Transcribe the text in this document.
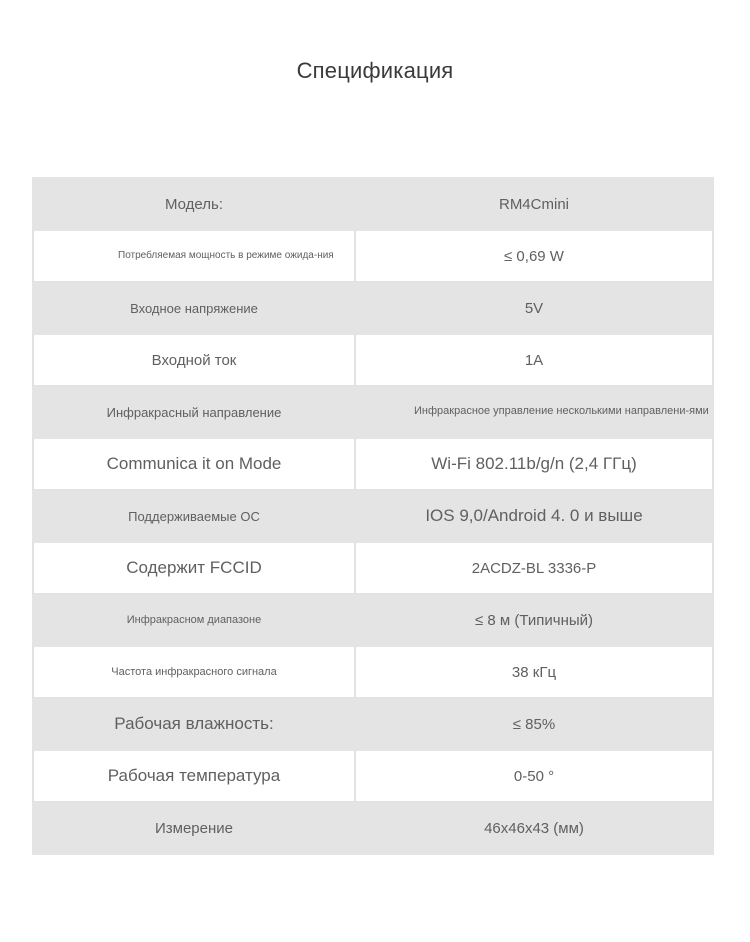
Спецификация
Модель:	RM4Cmini
Потребляемая мощность в режиме ожида-ния	≤ 0,69 W
Входное напряжение	5V
Входной ток	1A
Инфракрасный направление	Инфракрасное управление несколькими направлени-ями
Communica it on Mode	Wi-Fi 802.11b/g/n (2,4 ГГц)
Поддерживаемые ОС	IOS 9,0/Android 4. 0 и выше
Содержит FCCID	2ACDZ-BL 3336-P
Инфракрасном диапазоне	≤ 8 м (Типичный)
Частота инфракрасного сигнала	38 кГц
Рабочая влажность:	≤ 85%
Рабочая температура	0-50 °
Измерение	46x46x43 (мм)
